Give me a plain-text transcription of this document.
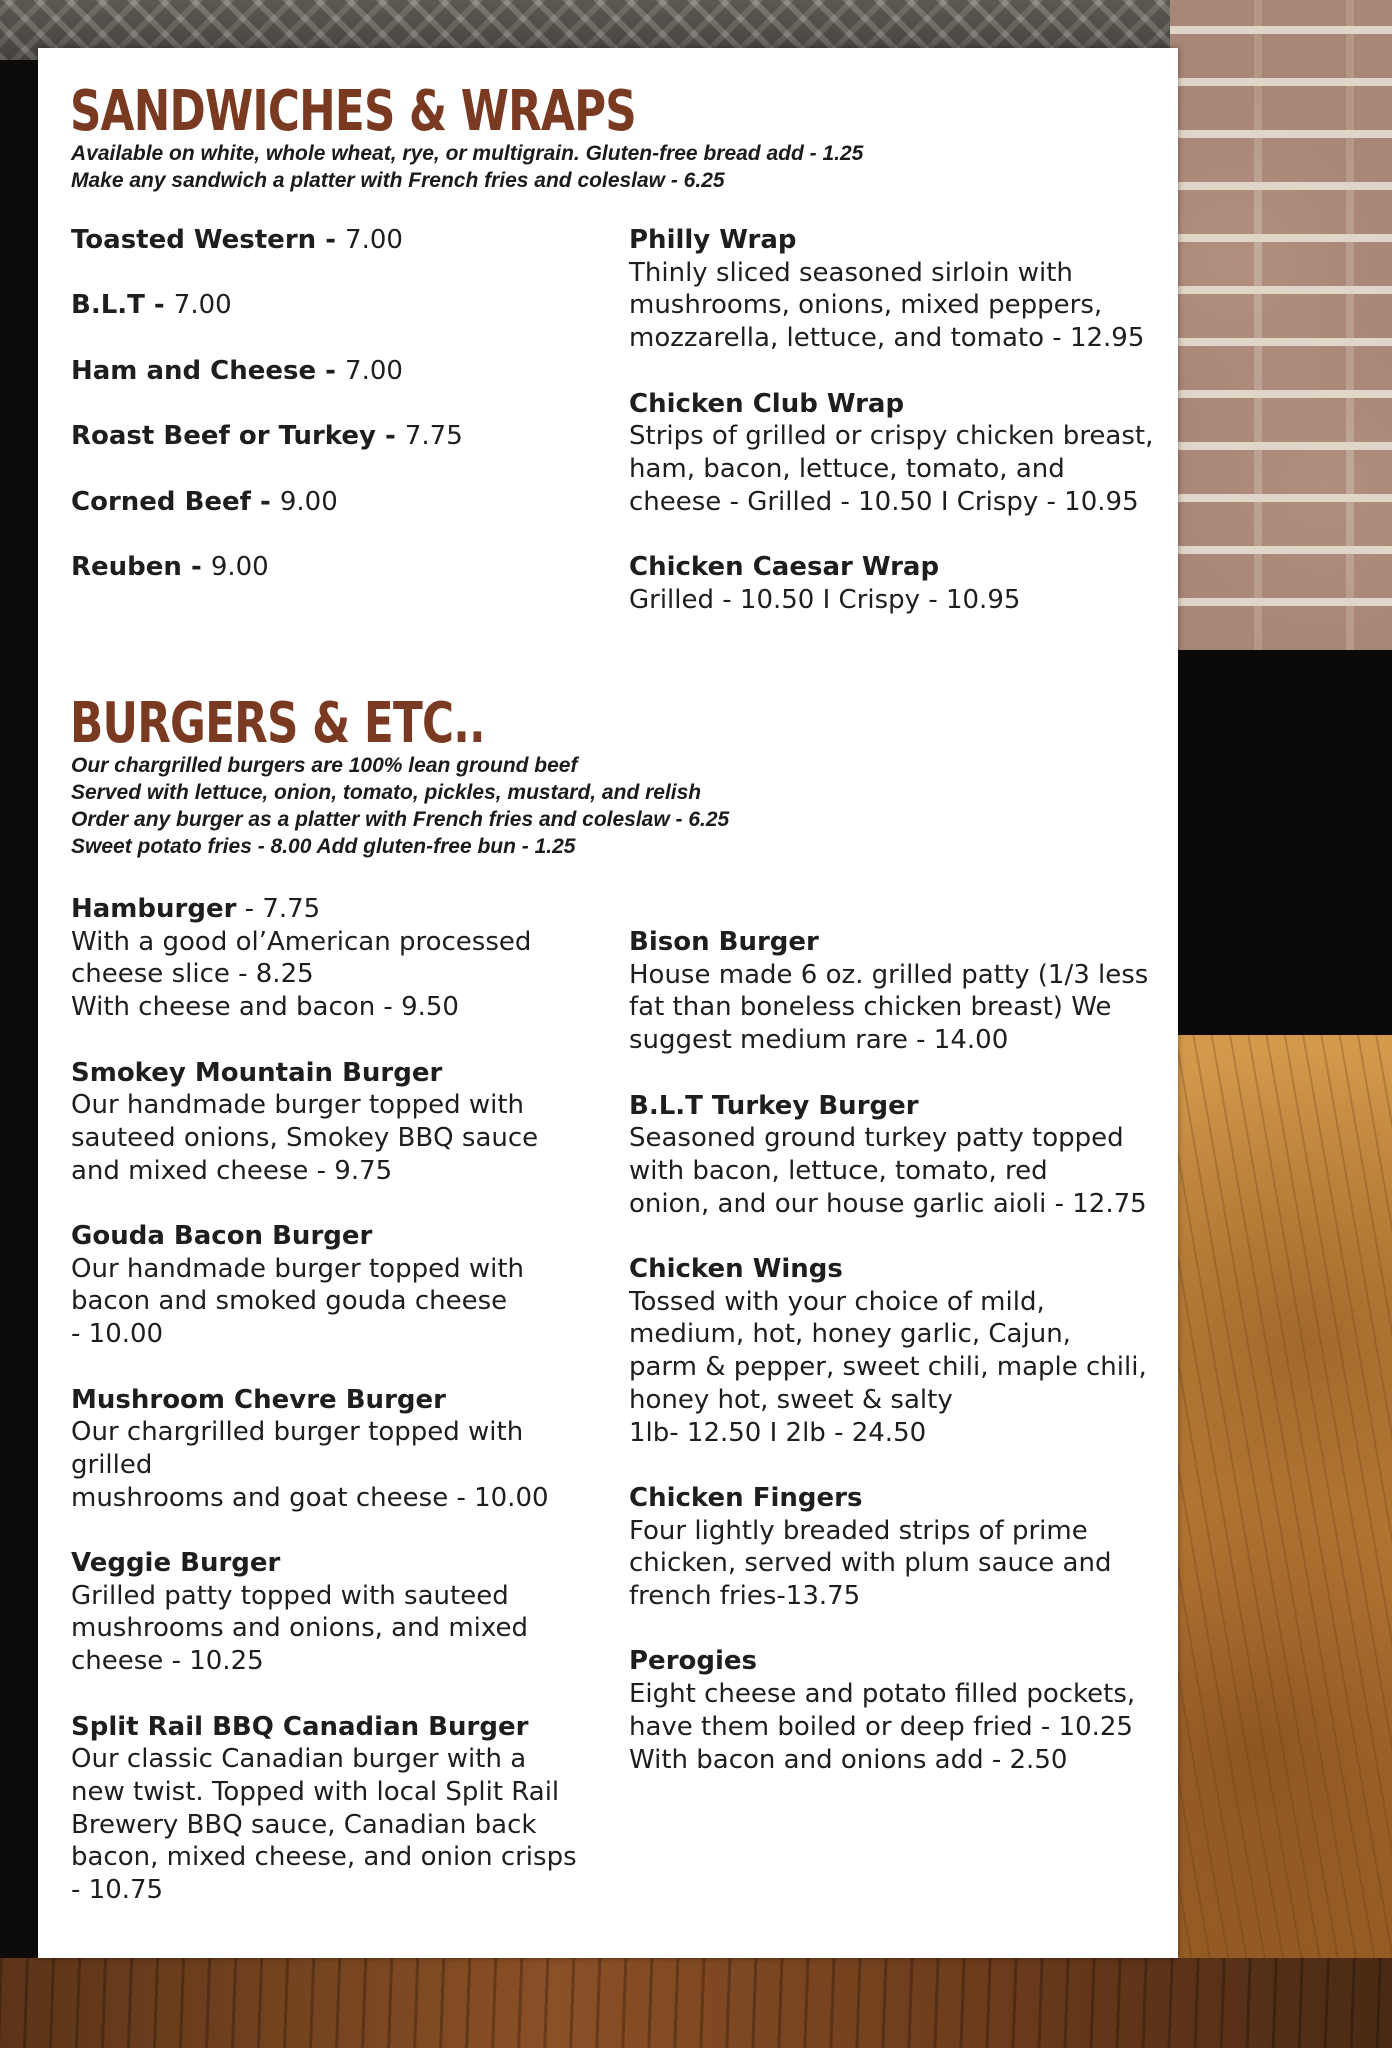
SANDWICHES & WRAPS
Available on white, whole wheat, rye, or multigrain. Gluten-free bread add - 1.25
Make any sandwich a platter with French fries and coleslaw - 6.25
Toasted Western - 7.00
B.L.T - 7.00
Ham and Cheese - 7.00
Roast Beef or Turkey - 7.75
Corned Beef - 9.00
Reuben - 9.00
Philly Wrap
Thinly sliced seasoned sirloin with
mushrooms, onions, mixed peppers,
mozzarella, lettuce, and tomato - 12.95
Chicken Club Wrap
Strips of grilled or crispy chicken breast,
ham, bacon, lettuce, tomato, and
cheese - Grilled - 10.50 I Crispy - 10.95
Chicken Caesar Wrap
Grilled - 10.50 I Crispy - 10.95
BURGERS & ETC..
Our chargrilled burgers are 100% lean ground beef
Served with lettuce, onion, tomato, pickles, mustard, and relish
Order any burger as a platter with French fries and coleslaw - 6.25
Sweet potato fries - 8.00 Add gluten-free bun - 1.25
Hamburger - 7.75
With a good ol’American processed
cheese slice - 8.25
With cheese and bacon - 9.50
Smokey Mountain Burger
Our handmade burger topped with
sauteed onions, Smokey BBQ sauce
and mixed cheese - 9.75
Gouda Bacon Burger
Our handmade burger topped with
bacon and smoked gouda cheese
- 10.00
Mushroom Chevre Burger
Our chargrilled burger topped with grilled
mushrooms and goat cheese - 10.00
Veggie Burger
Grilled patty topped with sauteed
mushrooms and onions, and mixed
cheese - 10.25
Split Rail BBQ Canadian Burger
Our classic Canadian burger with a
new twist. Topped with local Split Rail
Brewery BBQ sauce, Canadian back
bacon, mixed cheese, and onion crisps
- 10.75
Bison Burger
House made 6 oz. grilled patty (1/3 less
fat than boneless chicken breast) We
suggest medium rare - 14.00
B.L.T Turkey Burger
Seasoned ground turkey patty topped
with bacon, lettuce, tomato, red
onion, and our house garlic aioli - 12.75
Chicken Wings
Tossed with your choice of mild,
medium, hot, honey garlic, Cajun,
parm & pepper, sweet chili, maple chili,
honey hot, sweet & salty
1lb- 12.50 I 2lb - 24.50
Chicken Fingers
Four lightly breaded strips of prime
chicken, served with plum sauce and
french fries-13.75
Perogies
Eight cheese and potato filled pockets,
have them boiled or deep fried - 10.25
With bacon and onions add - 2.50
